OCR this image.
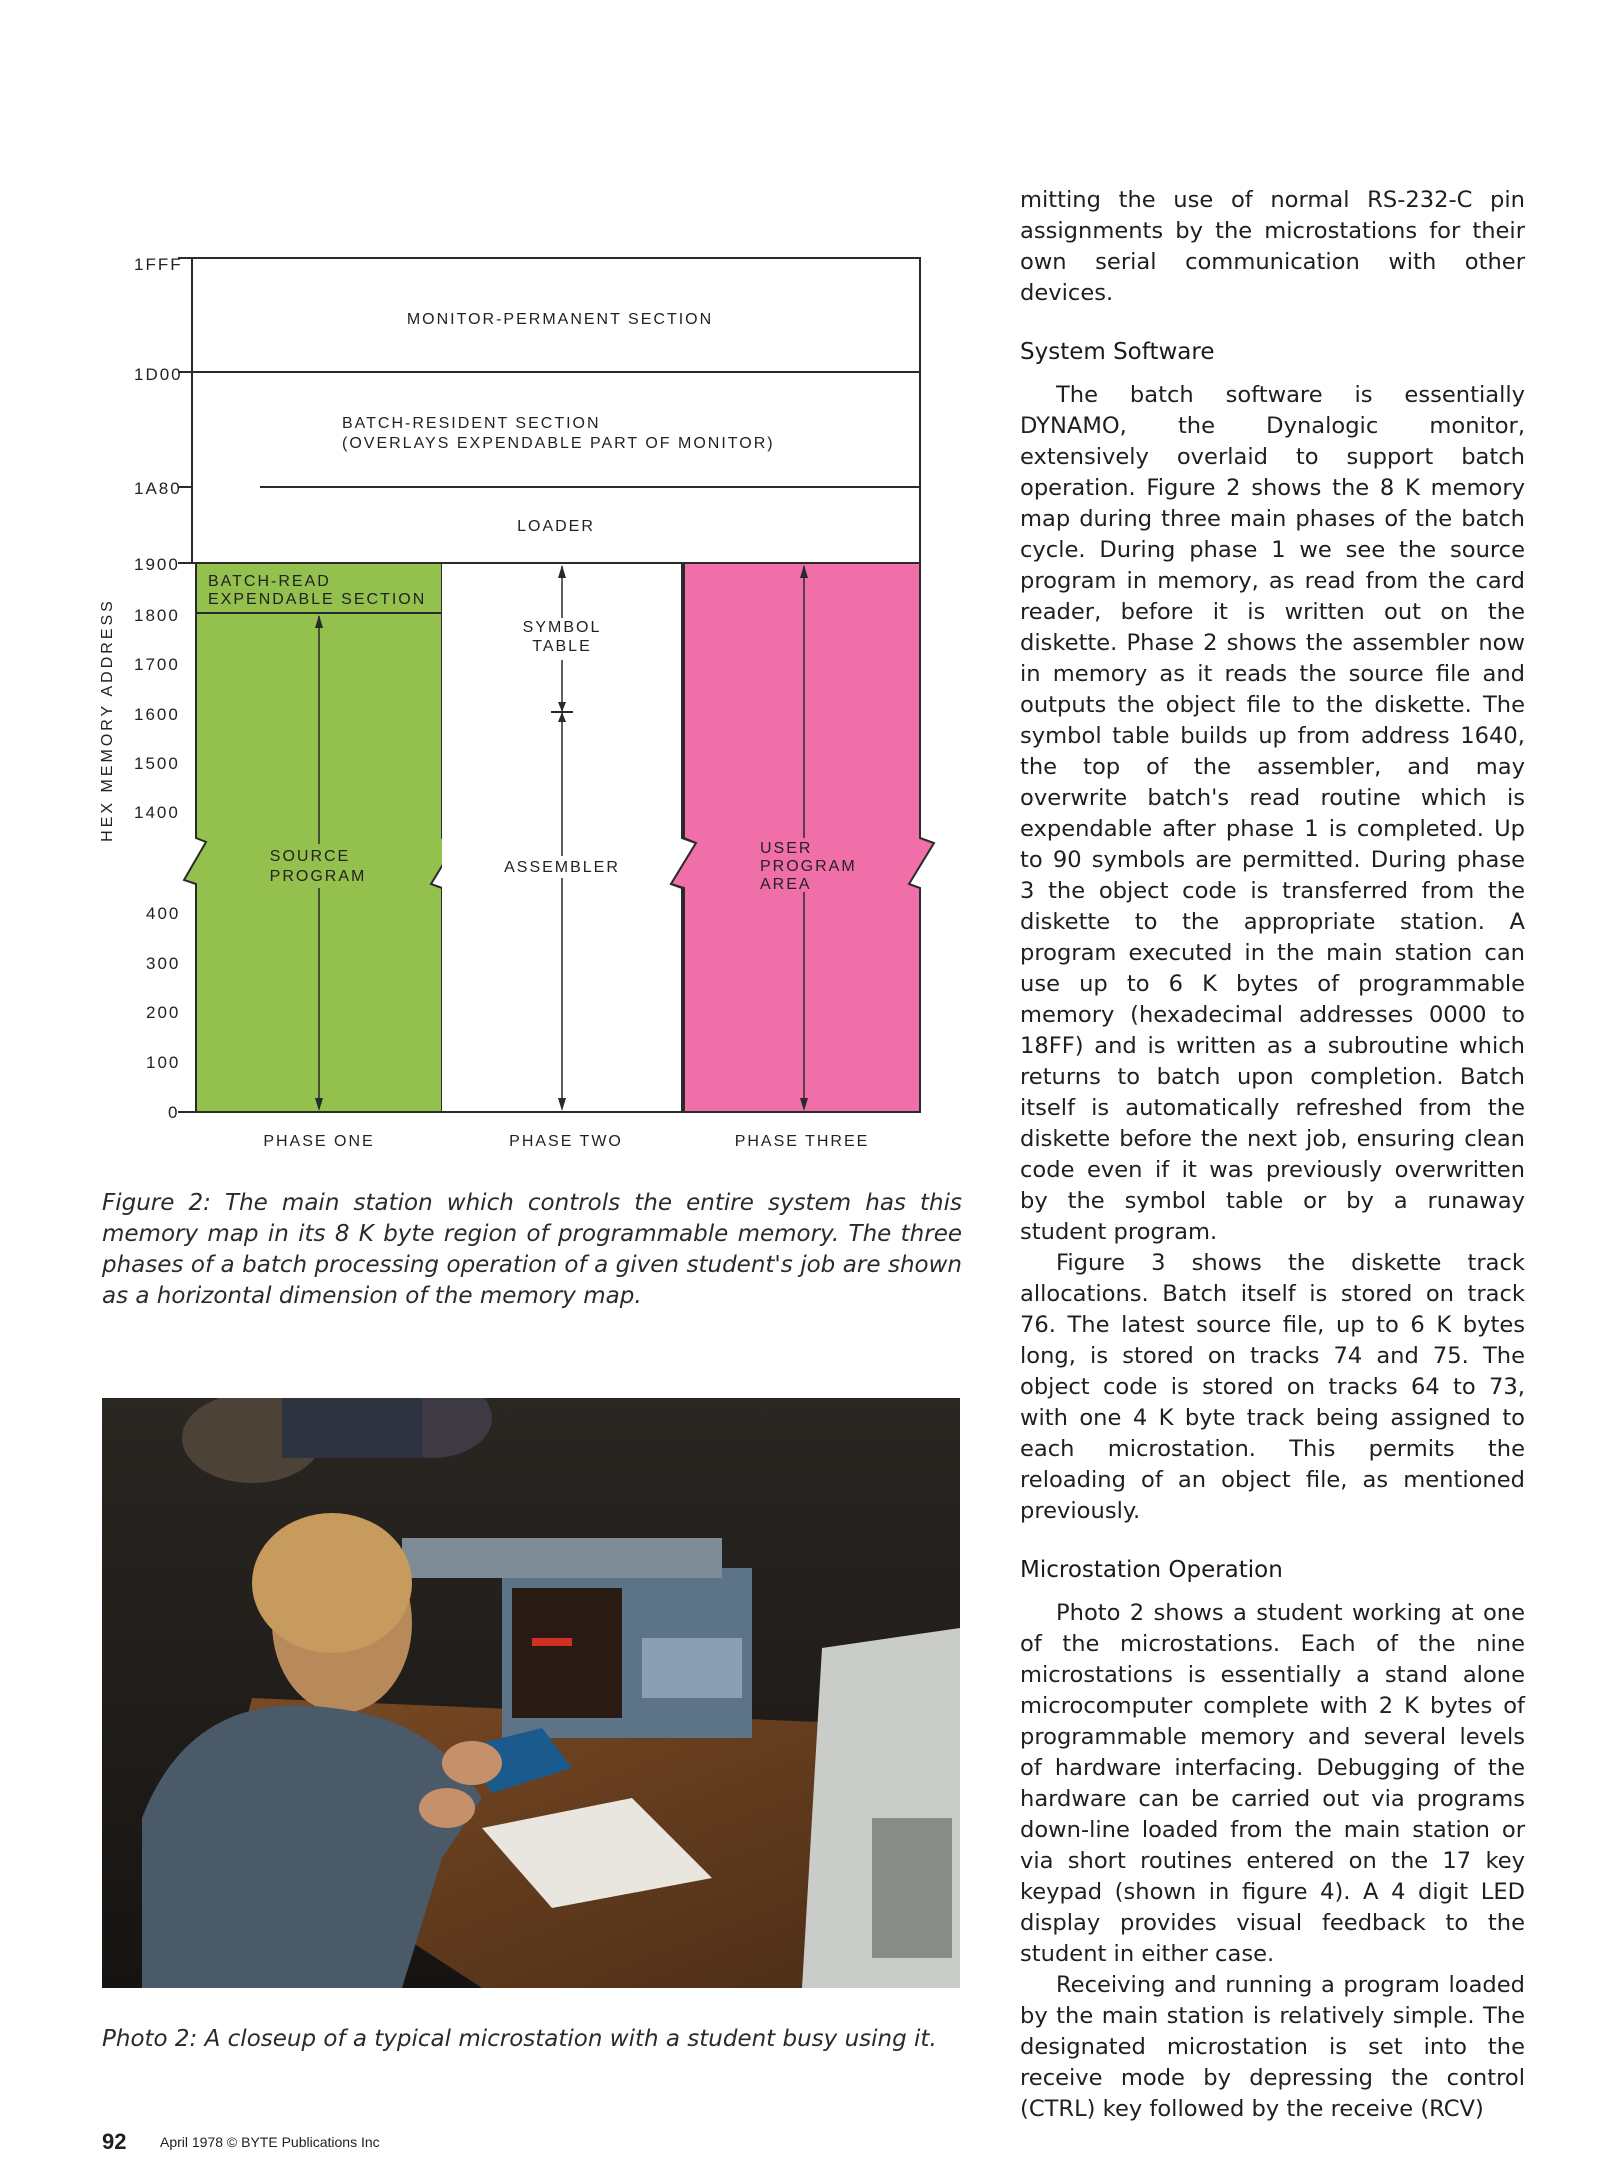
HEX MEMORY ADDRESS
1FFF
1D00
1A80
1900
1800
1700
1600
1500
1400
400
300
200
100
0
MONITOR-PERMANENT SECTION
BATCH-RESIDENT SECTION
(OVERLAYS EXPENDABLE PART OF MONITOR)
LOADER
BATCH-READ
EXPENDABLE SECTION
SOURCE
PROGRAM
SYMBOL
TABLE
ASSEMBLER
USER
PROGRAM
AREA
PHASE ONE	PHASE TWO	PHASE THREE

Figure 2: The main station which controls the entire system has this memory map in its 8 K byte region of programmable memory. The three phases of a batch processing operation of a given student's job are shown as a horizontal dimension of the memory map.

Photo 2: A closeup of a typical microstation with a student busy using it.

mitting the use of normal RS-232-C pin assignments by the microstations for their own serial communication with other devices.

System Software

The batch software is essentially DYNAMO, the Dynalogic monitor, extensively overlaid to support batch operation. Figure 2 shows the 8 K memory map during three main phases of the batch cycle. During phase 1 we see the source program in memory, as read from the card reader, before it is written out on the diskette. Phase 2 shows the assembler now in memory as it reads the source file and outputs the object file to the diskette. The symbol table builds up from address 1640, the top of the assembler, and may overwrite batch's read routine which is expendable after phase 1 is completed. Up to 90 symbols are permitted. During phase 3 the object code is transferred from the diskette to the appropriate station. A program executed in the main station can use up to 6 K bytes of programmable memory (hexadecimal addresses 0000 to 18FF) and is written as a subroutine which returns to batch upon completion. Batch itself is automatically refreshed from the diskette before the next job, ensuring clean code even if it was previously overwritten by the symbol table or by a runaway student program.

Figure 3 shows the diskette track allocations. Batch itself is stored on track 76. The latest source file, up to 6 K bytes long, is stored on tracks 74 and 75. The object code is stored on tracks 64 to 73, with one 4 K byte track being assigned to each microstation. This permits the reloading of an object file, as mentioned previously.

Microstation Operation

Photo 2 shows a student working at one of the microstations. Each of the nine microstations is essentially a stand alone microcomputer complete with 2 K bytes of programmable memory and several levels of hardware interfacing. Debugging of the hardware can be carried out via programs down-line loaded from the main station or via short routines entered on the 17 key keypad (shown in figure 4). A 4 digit LED display provides visual feedback to the student in either case.

Receiving and running a program loaded by the main station is relatively simple. The designated microstation is set into the receive mode by depressing the control (CTRL) key followed by the receive (RCV)

92 April 1978 © BYTE Publications Inc
